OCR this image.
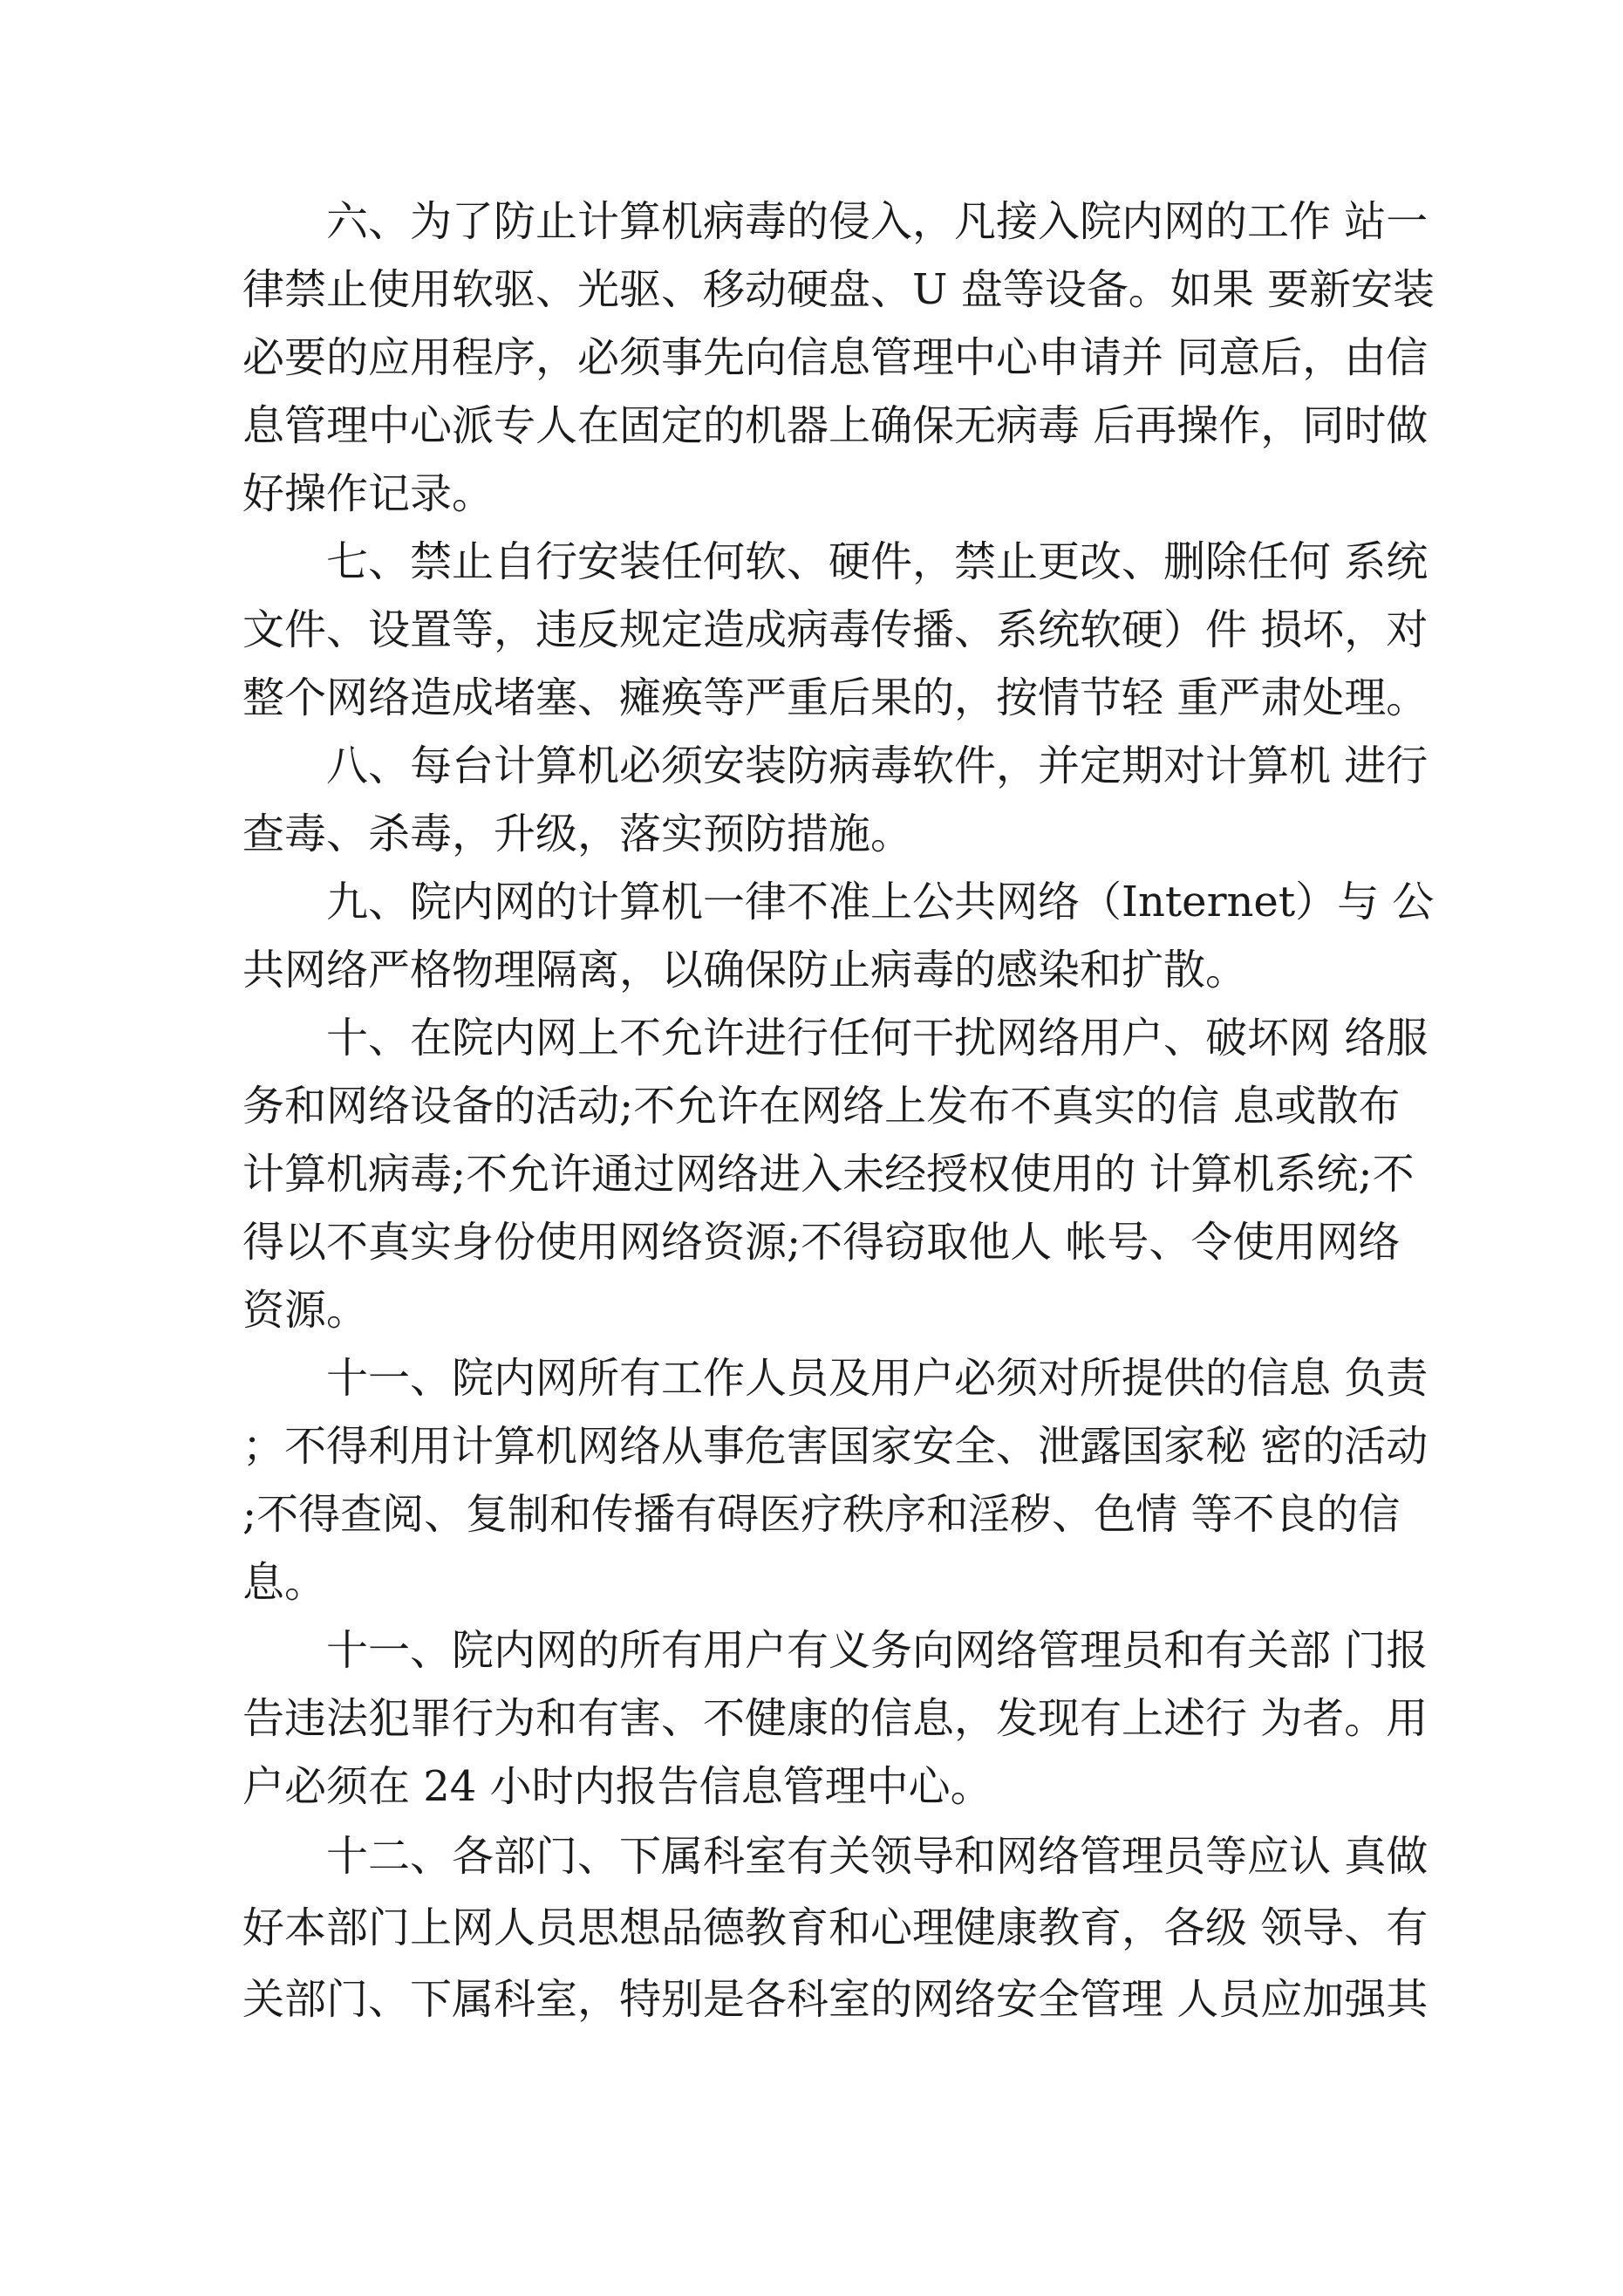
六、为了防止计算机病毒的侵入，凡接入院内网的工作 站一
律禁止使用软驱、光驱、移动硬盘、U 盘等设备。如果 要新安装
必要的应用程序，必须事先向信息管理中心申请并 同意后，由信
息管理中心派专人在固定的机器上确保无病毒 后再操作，同时做
好操作记录。
七、禁止自行安装任何软、硬件，禁止更改、删除任何 系统
文件、设置等，违反规定造成病毒传播、系统软硬）件 损坏，对
整个网络造成堵塞、瘫痪等严重后果的，按情节轻 重严肃处理。
八、每台计算机必须安装防病毒软件，并定期对计算机 进行
查毒、杀毒，升级，落实预防措施。
九、院内网的计算机一律不准上公共网络（Internet）与 公
共网络严格物理隔离，以确保防止病毒的感染和扩散。
十、在院内网上不允许进行任何干扰网络用户、破坏网 络服
务和网络设备的活动;不允许在网络上发布不真实的信 息或散布
计算机病毒;不允许通过网络进入未经授权使用的 计算机系统;不
得以不真实身份使用网络资源;不得窃取他人 帐号、令使用网络
资源。
十一、院内网所有工作人员及用户必须对所提供的信息 负责
；不得利用计算机网络从事危害国家安全、泄露国家秘 密的活动
;不得查阅、复制和传播有碍医疗秩序和淫秽、色情 等不良的信
息。
十一、院内网的所有用户有义务向网络管理员和有关部 门报
告违法犯罪行为和有害、不健康的信息，发现有上述行 为者。用
户必须在 24 小时内报告信息管理中心。
十二、各部门、下属科室有关领导和网络管理员等应认 真做
好本部门上网人员思想品德教育和心理健康教育，各级 领导、有
关部门、下属科室，特别是各科室的网络安全管理 人员应加强其
